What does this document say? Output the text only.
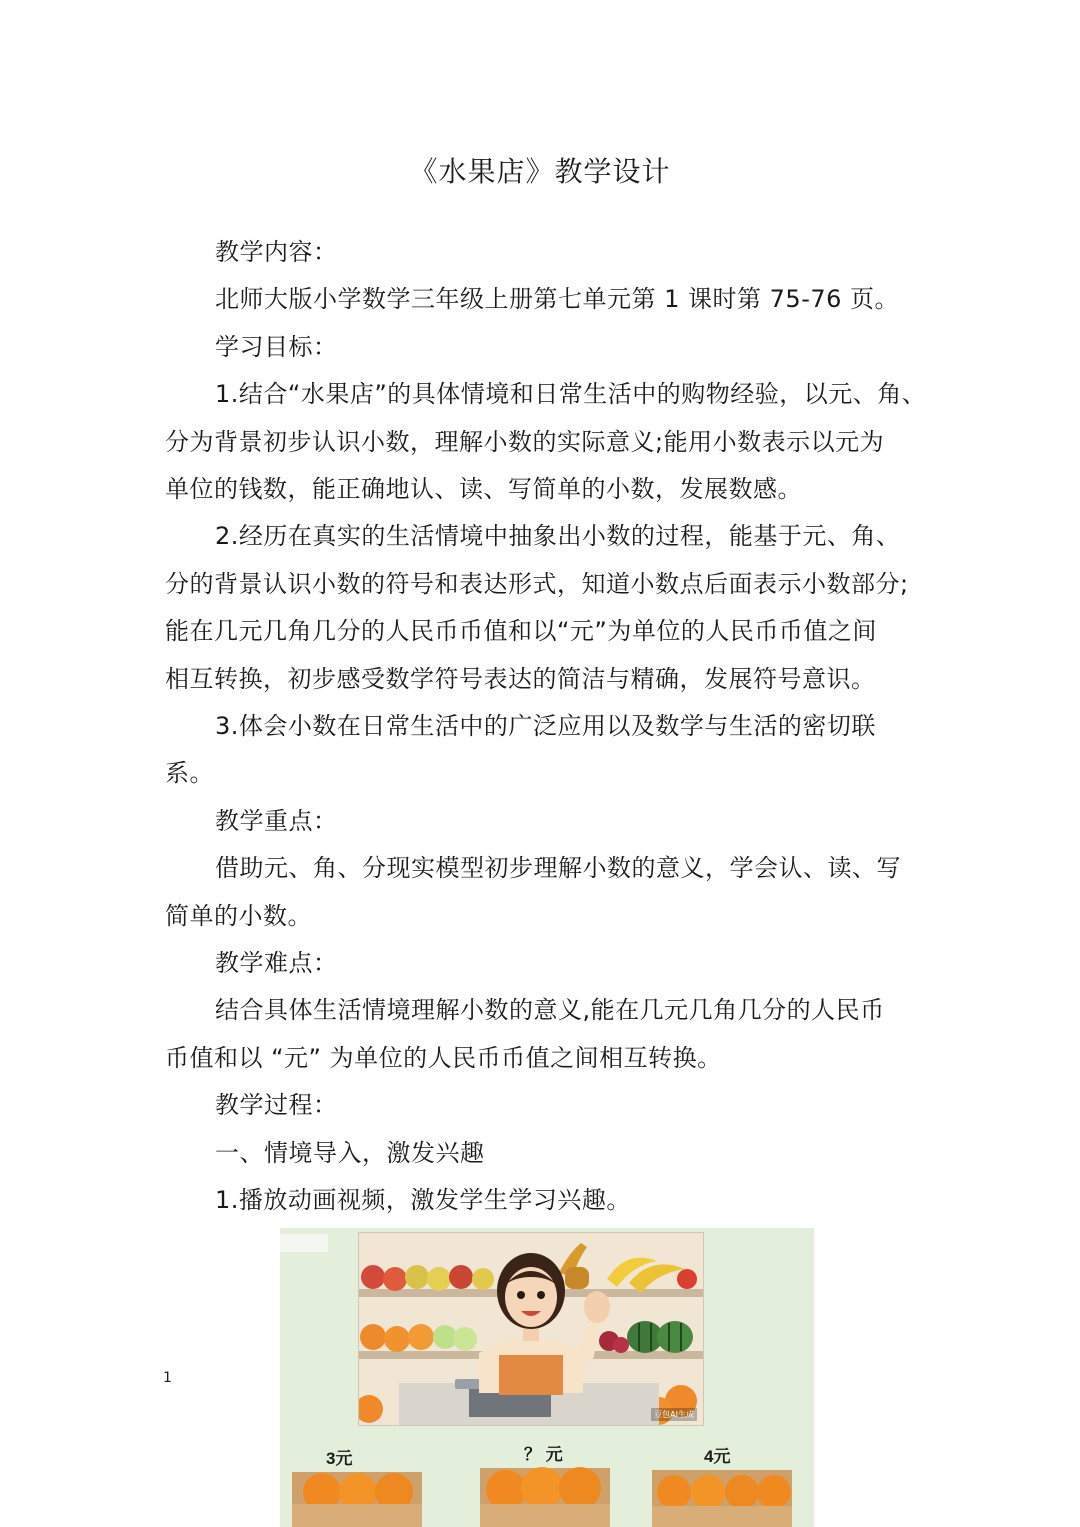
《水果店》教学设计
教学内容：
北师大版小学数学三年级上册第七单元第 1 课时第 75-76 页。
学习目标：
1.结合“水果店”的具体情境和日常生活中的购物经验，以元、角、
分为背景初步认识小数，理解小数的实际意义;能用小数表示以元为
单位的钱数，能正确地认、读、写简单的小数，发展数感。
2.经历在真实的生活情境中抽象出小数的过程，能基于元、角、
分的背景认识小数的符号和表达形式，知道小数点后面表示小数部分;
能在几元几角几分的人民币币值和以“元”为单位的人民币币值之间
相互转换，初步感受数学符号表达的简洁与精确，发展符号意识。
3.体会小数在日常生活中的广泛应用以及数学与生活的密切联
系。
教学重点：
借助元、角、分现实模型初步理解小数的意义，学会认、读、写
简单的小数。
教学难点：
结合具体生活情境理解小数的意义,能在几元几角几分的人民币
币值和以 “元” 为单位的人民币币值之间相互转换。
教学过程：
一、情境导入，激发兴趣
1.播放动画视频，激发学生学习兴趣。
豆包AI生成
3元	？ 元	4元
1
